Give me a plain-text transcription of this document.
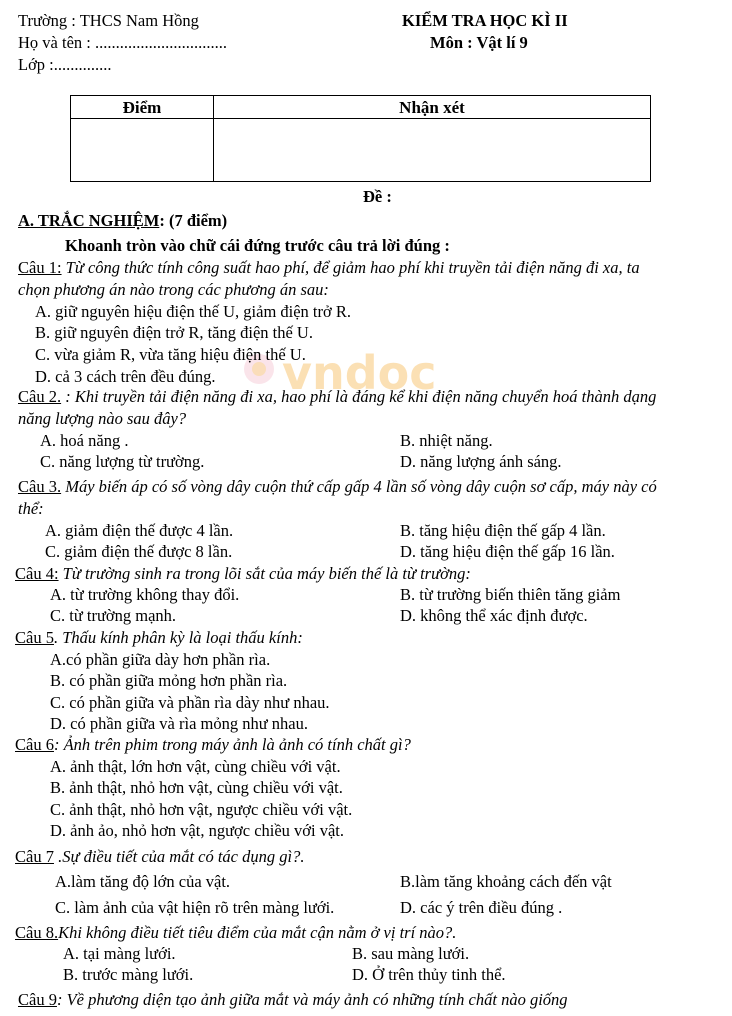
Trường : THCS Nam Hồng
Họ và tên : ................................
Lớp :..............
KIỂM TRA HỌC KÌ II
Môn : Vật lí 9
Điểm	Nhận xét
Đề :
A. TRẮC NGHIỆM: (7 điểm)
Khoanh tròn vào chữ cái đứng trước câu trả lời đúng :
vndoc
Câu 1: Từ công thức tính công suất hao phí, để giảm hao phí khi truyền tải điện năng đi xa, ta
chọn phương án nào trong các phương án sau:
A. giữ nguyên hiệu điện thế U, giảm điện trở R.
B. giữ nguyên điện trở R, tăng điện thế U.
C. vừa giảm R, vừa tăng hiệu điện thế U.
D. cả 3 cách trên đều đúng.
Câu 2. : Khi truyền tải điện năng đi xa, hao phí là đáng kể khi điện năng chuyển hoá thành dạng
năng lượng nào sau đây?
A. hoá năng .	B. nhiệt năng.
C. năng lượng từ trường.	D. năng lượng ánh sáng.
Câu 3. Máy biến áp có số vòng dây cuộn thứ cấp gấp 4 lần số vòng dây cuộn sơ cấp, máy này có
thể:
A. giảm điện thế được 4 lần.	B. tăng hiệu điện thế gấp 4 lần.
C. giảm điện thế được 8 lần.	D. tăng hiệu điện thế gấp 16 lần.
Câu 4: Từ trường sinh ra trong lõi sắt của máy biến thế là từ trường:
A. từ trường không thay đổi.	B. từ trường biến thiên tăng giảm
C. từ trường mạnh.	D. không thể xác định được.
Câu 5. Thấu kính phân kỳ là loại thấu kính:
A.có phần giữa dày hơn phần rìa.
B. có phần giữa mỏng hơn phần rìa.
C. có phần giữa và phần rìa dày như nhau.
D. có phần giữa và rìa mỏng như nhau.
Câu 6: Ảnh trên phim trong máy ảnh là ảnh có tính chất gì?
A. ảnh thật, lớn hơn vật, cùng chiều với vật.
B. ảnh thật, nhỏ hơn vật, cùng chiều với vật.
C. ảnh thật, nhỏ hơn vật, ngược chiều với vật.
D. ảnh ảo, nhỏ hơn vật, ngược chiều với vật.
Câu 7 .Sự điều tiết của mắt có tác dụng gì?.
A.làm tăng độ lớn của vật.	B.làm tăng khoảng cách đến vật
C. làm ảnh của vật hiện rõ trên màng lưới.	D. các ý trên điều đúng .
Câu 8.Khi không điều tiết tiêu điểm của mắt cận nằm ở vị trí nào?.
A. tại màng lưới.	B. sau màng lưới.
B. trước màng lưới.	D. Ở trên thủy tinh thể.
Câu 9: Về phương diện tạo ảnh giữa mắt và máy ảnh có những tính chất nào giống
